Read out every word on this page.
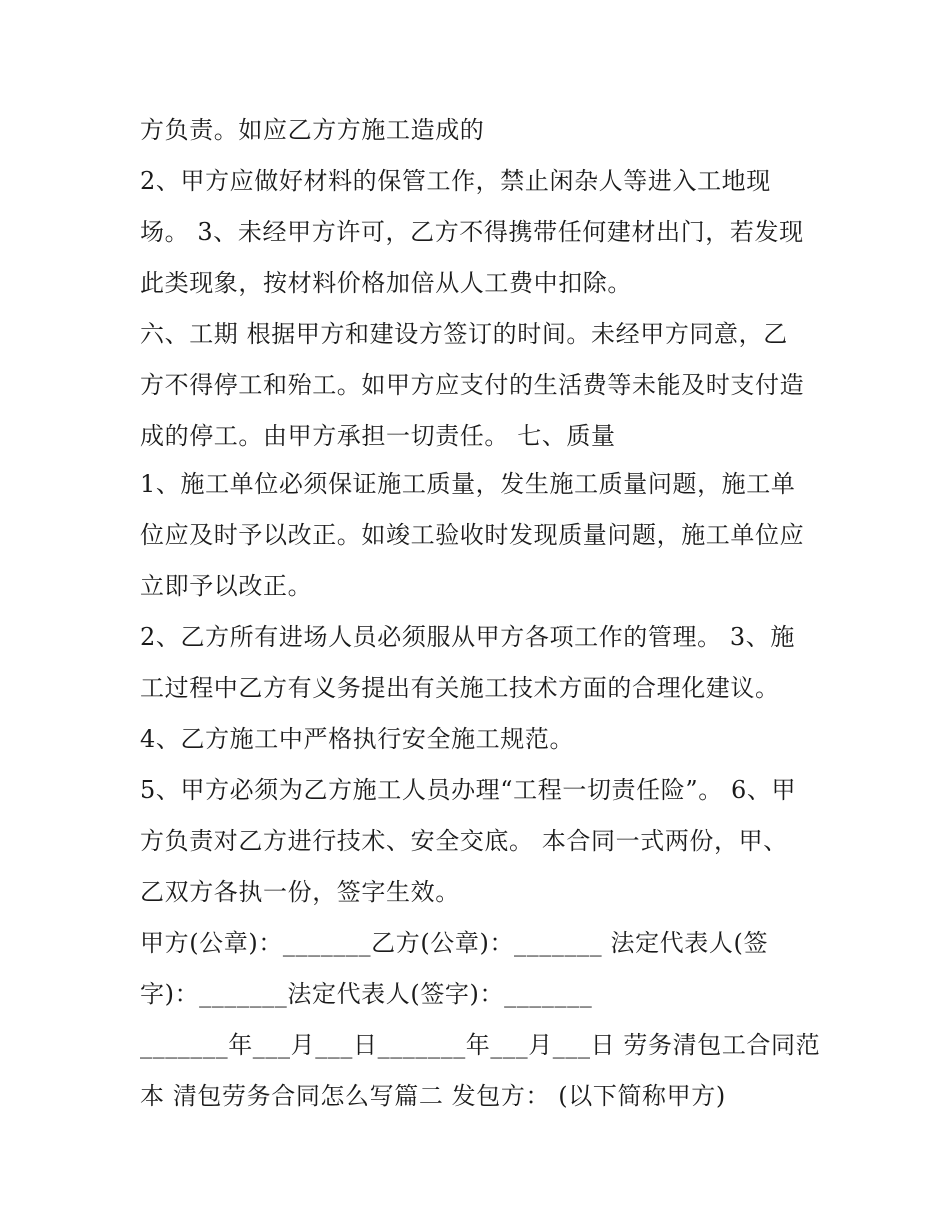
方负责。如应乙方方施工造成的
2、甲方应做好材料的保管工作，禁止闲杂人等进入工地现
场。 3、未经甲方许可，乙方不得携带任何建材出门，若发现
此类现象，按材料价格加倍从人工费中扣除。
六、工期 根据甲方和建设方签订的时间。未经甲方同意，乙
方不得停工和殆工。如甲方应支付的生活费等未能及时支付造
成的停工。由甲方承担一切责任。 七、质量
1、施工单位必须保证施工质量，发生施工质量问题，施工单
位应及时予以改正。如竣工验收时发现质量问题，施工单位应
立即予以改正。
2、乙方所有进场人员必须服从甲方各项工作的管理。 3、施
工过程中乙方有义务提出有关施工技术方面的合理化建议。
4、乙方施工中严格执行安全施工规范。
5、甲方必须为乙方施工人员办理“工程一切责任险”。 6、甲
方负责对乙方进行技术、安全交底。 本合同一式两份，甲、
乙双方各执一份，签字生效。
甲方(公章)：_______乙方(公章)：_______ 法定代表人(签
字)：_______法定代表人(签字)：_______
_______年___月___日_______年___月___日 劳务清包工合同范
本 清包劳务合同怎么写篇二 发包方： (以下简称甲方)
